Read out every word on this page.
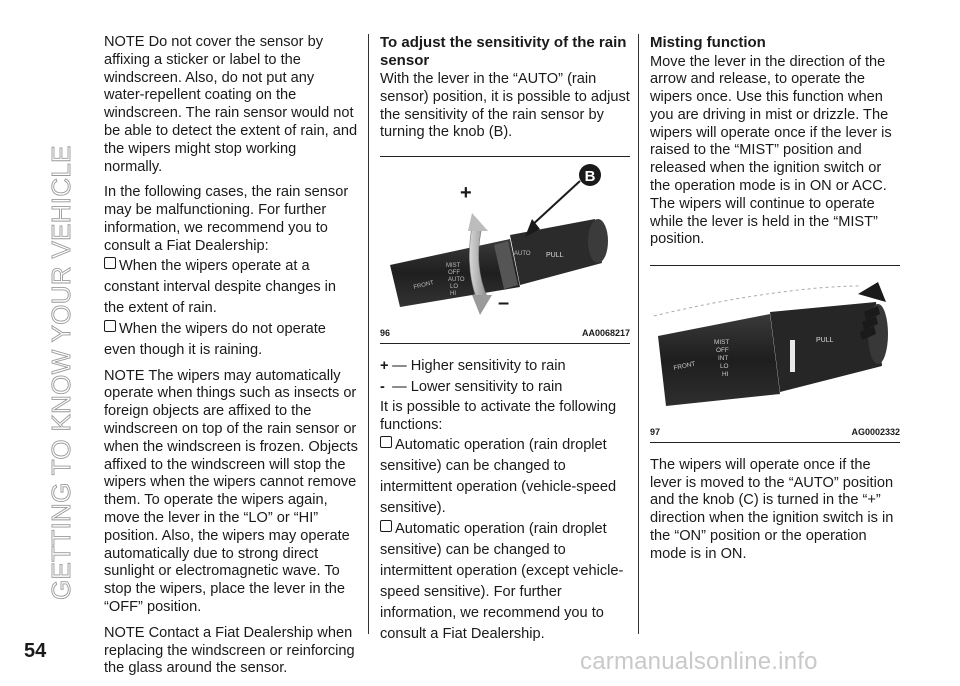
GETTING TO KNOW YOUR VEHICLE

NOTE Do not cover the sensor by affixing a sticker or label to the windscreen. Also, do not put any water-repellent coating on the windscreen. The rain sensor would not be able to detect the extent of rain, and the wipers might stop working normally.

In the following cases, the rain sensor may be malfunctioning. For further information, we recommend you to consult a Fiat Dealership:

When the wipers operate at a constant interval despite changes in the extent of rain.
When the wipers do not operate even though it is raining.

NOTE The wipers may automatically operate when things such as insects or foreign objects are affixed to the windscreen on top of the rain sensor or when the windscreen is frozen. Objects affixed to the windscreen will stop the wipers when the wipers cannot remove them. To operate the wipers again, move the lever in the “LO” or “HI” position. Also, the wipers may operate automatically due to strong direct sunlight or electromagnetic wave. To stop the wipers, place the lever in the “OFF” position.

NOTE Contact a Fiat Dealership when replacing the windscreen or reinforcing the glass around the sensor.

To adjust the sensitivity of the rain sensor

With the lever in the “AUTO” (rain sensor) position, it is possible to adjust the sensitivity of the rain sensor by turning the knob (B).

B
+
–
FRONT
MIST
OFF
AUTO
LO
HI
AUTO PULL
96	AA0068217
+ — Higher sensitivity to rain
- — Lower sensitivity to rain

It is possible to activate the following functions:

Automatic operation (rain droplet sensitive) can be changed to intermittent operation (vehicle-speed sensitive).
Automatic operation (rain droplet sensitive) can be changed to intermittent operation (except vehicle-speed sensitive). For further information, we recommend you to consult a Fiat Dealership.
Misting function

Move the lever in the direction of the arrow and release, to operate the wipers once. Use this function when you are driving in mist or drizzle. The wipers will operate once if the lever is raised to the “MIST” position and released when the ignition switch or the operation mode is in ON or ACC. The wipers will continue to operate while the lever is held in the “MIST” position.

FRONT
MIST
OFF
INT
LO
HI
PULL
97	AG0002332

The wipers will operate once if the lever is moved to the “AUTO” position and the knob (C) is turned in the “+” direction when the ignition switch is in the “ON” position or the operation mode is in ON.

54	carmanualsonline.info
